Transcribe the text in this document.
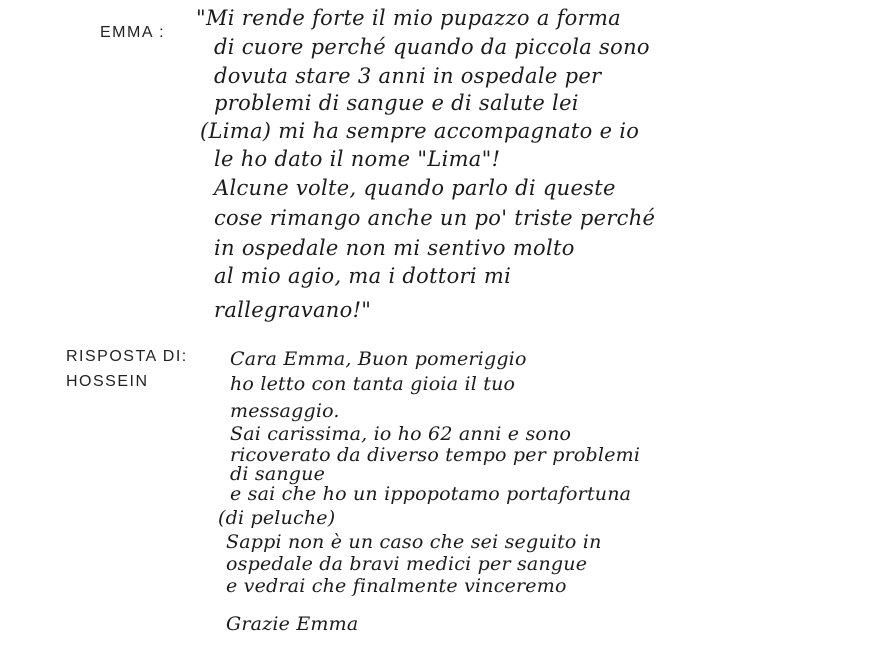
EMMA :
"Mi rende forte il mio pupazzo a forma
di cuore perché quando da piccola sono
dovuta stare 3 anni in ospedale per
problemi di sangue e di salute lei
(Lima) mi ha sempre accompagnato e io
le ho dato il nome "Lima"!
Alcune volte, quando parlo di queste
cose rimango anche un po' triste perché
in ospedale non mi sentivo molto
al mio agio, ma i dottori mi
rallegravano!"
RISPOSTA DI:
HOSSEIN
Cara Emma, Buon pomeriggio
ho letto con tanta gioia il tuo
messaggio.
Sai carissima, io ho 62 anni e sono
ricoverato da diverso tempo per problemi
di sangue
e sai che ho un ippopotamo portafortuna
(di peluche)
Sappi non è un caso che sei seguito in
ospedale da bravi medici per sangue
e vedrai che finalmente vinceremo
Grazie Emma
